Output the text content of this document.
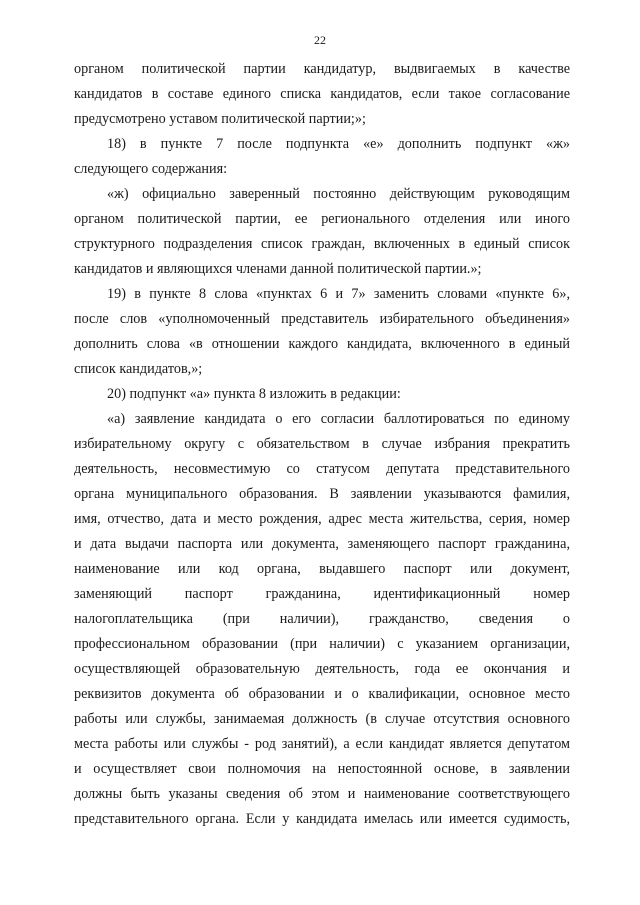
22
органом политической партии кандидатур, выдвигаемых в качестве
кандидатов в составе единого списка кандидатов, если такое согласование
предусмотрено уставом политической партии;»;
18) в пункте 7 после подпункта «е» дополнить подпункт «ж»
следующего содержания:
«ж) официально заверенный постоянно действующим руководящим
органом политической партии, ее регионального отделения или иного
структурного подразделения список граждан, включенных в единый список
кандидатов и являющихся членами данной политической партии.»;
19) в пункте 8 слова «пунктах 6 и 7» заменить словами «пункте 6»,
после слов «уполномоченный представитель избирательного объединения»
дополнить слова «в отношении каждого кандидата, включенного в единый
список кандидатов,»;
20) подпункт «а» пункта 8 изложить в редакции:
«а) заявление кандидата о его согласии баллотироваться по единому
избирательному округу с обязательством в случае избрания прекратить
деятельность, несовместимую со статусом депутата представительного
органа муниципального образования. В заявлении указываются фамилия,
имя, отчество, дата и место рождения, адрес места жительства, серия, номер
и дата выдачи паспорта или документа, заменяющего паспорт гражданина,
наименование или код органа, выдавшего паспорт или документ,
заменяющий паспорт гражданина, идентификационный номер
налогоплательщика (при наличии), гражданство, сведения о
профессиональном образовании (при наличии) с указанием организации,
осуществляющей образовательную деятельность, года ее окончания и
реквизитов документа об образовании и о квалификации, основное место
работы или службы, занимаемая должность (в случае отсутствия основного
места работы или службы - род занятий), а если кандидат является депутатом
и осуществляет свои полномочия на непостоянной основе, в заявлении
должны быть указаны сведения об этом и наименование соответствующего
представительного органа. Если у кандидата имелась или имеется судимость,
